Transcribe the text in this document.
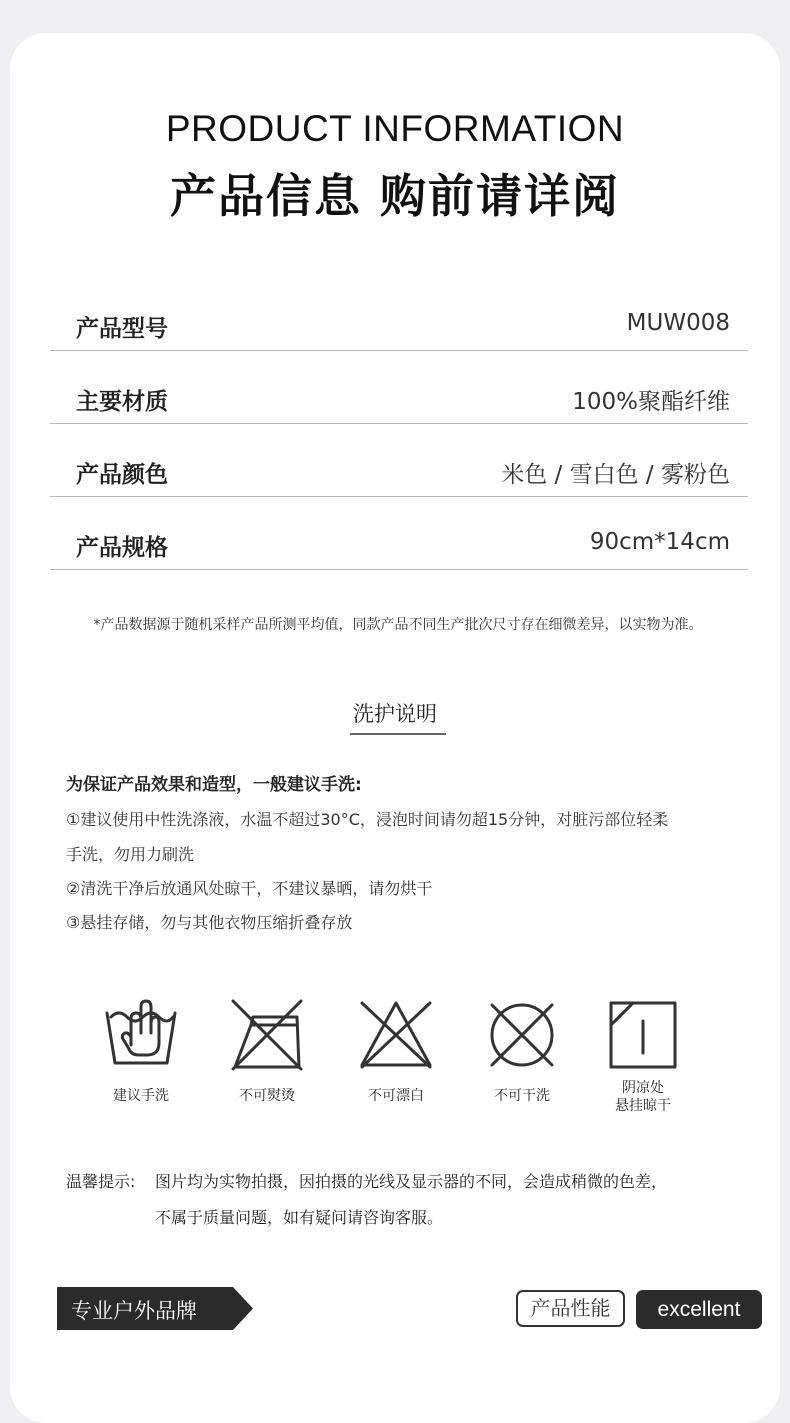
PRODUCT INFORMATION
产品信息 购前请详阅
产品型号	MUW008
主要材质	100%聚酯纤维
产品颜色	米色 / 雪白色 / 雾粉色
产品规格	90cm*14cm
*产品数据源于随机采样产品所测平均值，同款产品不同生产批次尺寸存在细微差异，以实物为准。
洗护说明
为保证产品效果和造型，一般建议手洗:
①建议使用中性洗涤液，水温不超过30°C，浸泡时间请勿超15分钟，对脏污部位轻柔
手洗，勿用力刷洗
②清洗干净后放通风处晾干，不建议暴晒，请勿烘干
③悬挂存储，勿与其他衣物压缩折叠存放
建议手洗	不可熨烫	不可漂白	不可干洗	阴凉处
悬挂晾干
温馨提示: 图片均为实物拍摄，因拍摄的光线及显示器的不同，会造成稍微的色差，
不属于质量问题，如有疑问请咨询客服。
专业户外品牌	产品性能	excellent
